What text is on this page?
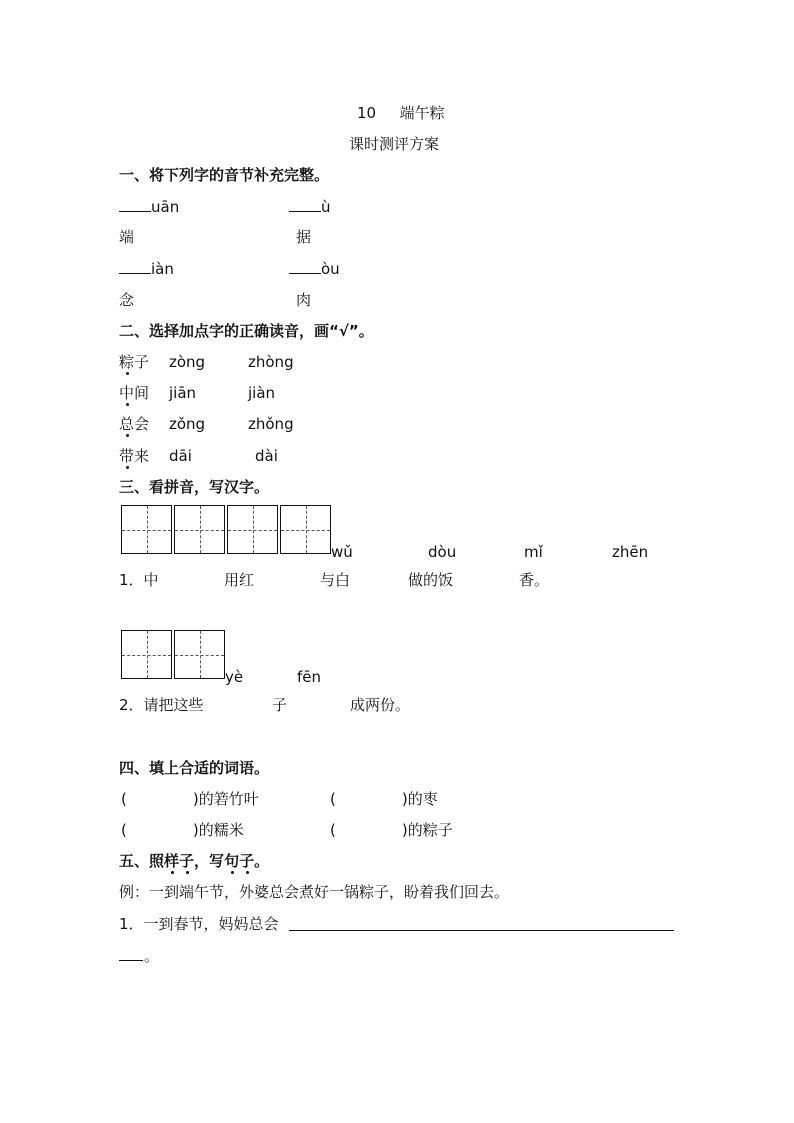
10 端午粽
课时测评方案
一、将下列字的音节补充完整。
uān	ù
端	据
iàn	òu
念	肉
二、选择加点字的正确读音，画“√”。
粽子 zòng	zhòng
中间 jiān	jiàn
总会 zǒng	zhǒng
带来 dāi	dài
三、看拼音，写汉字。
wǔ	dòu	mǐ	zhēn
1．中	用红	与白	做的饭	香。
yè	fēn
2．请把这些	子	成两份。
四、填上合适的词语。
(	)的箬竹叶	(	)的枣
(	)的糯米	(	)的粽子
五、照样子，写句子。
例：一到端午节，外婆总会煮好一锅粽子，盼着我们回去。
1．一到春节，妈妈总会
。
